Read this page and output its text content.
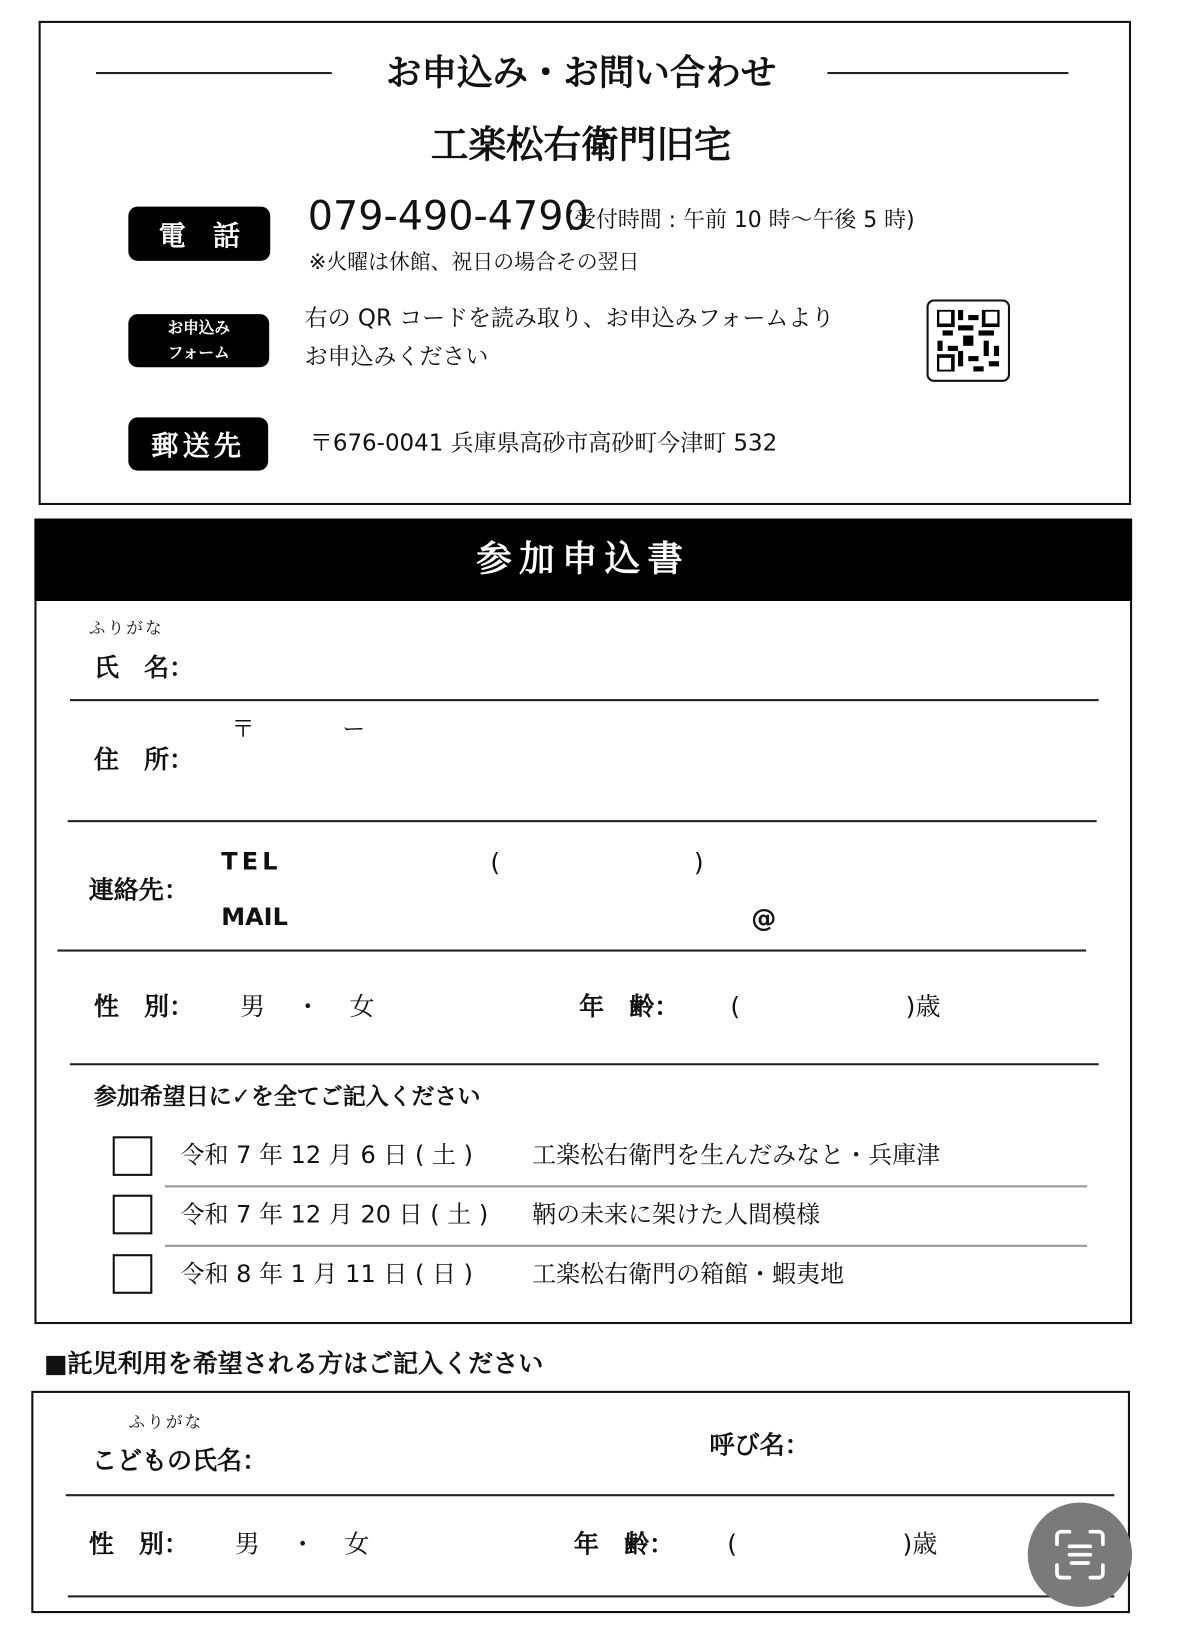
お申込み・お問い合わせ
工楽松右衛門旧宅
電　話 079-490-4790
(受付時間 : 午前 10 時～午後 5 時)
※火曜は休館、祝日の場合その翌日
お申込み
フォーム
右の QR コードを読み取り、お申込みフォームより
お申込みください
郵送先	〒676-0041 兵庫県高砂市高砂町今津町 532
参加申込書
ふりがな
氏　名：
〒	ー
住　所：
TEL	(	)
連絡先：
MAIL	@
性　別： 男 ・ 女	年　齢： (	)歳
参加希望日に✓を全てご記入ください
令和 7 年 12 月 6 日 ( 土 )	工楽松右衛門を生んだみなと・兵庫津
令和 7 年 12 月 20 日 ( 土 ) 鞆の未来に架けた人間模様
令和 8 年 1 月 11 日 ( 日 )	工楽松右衛門の箱館・蝦夷地
■託児利用を希望される方はご記入ください
ふりがな
こどもの氏名：
呼び名：
性　別： 男 ・ 女	年　齢： (	)歳
